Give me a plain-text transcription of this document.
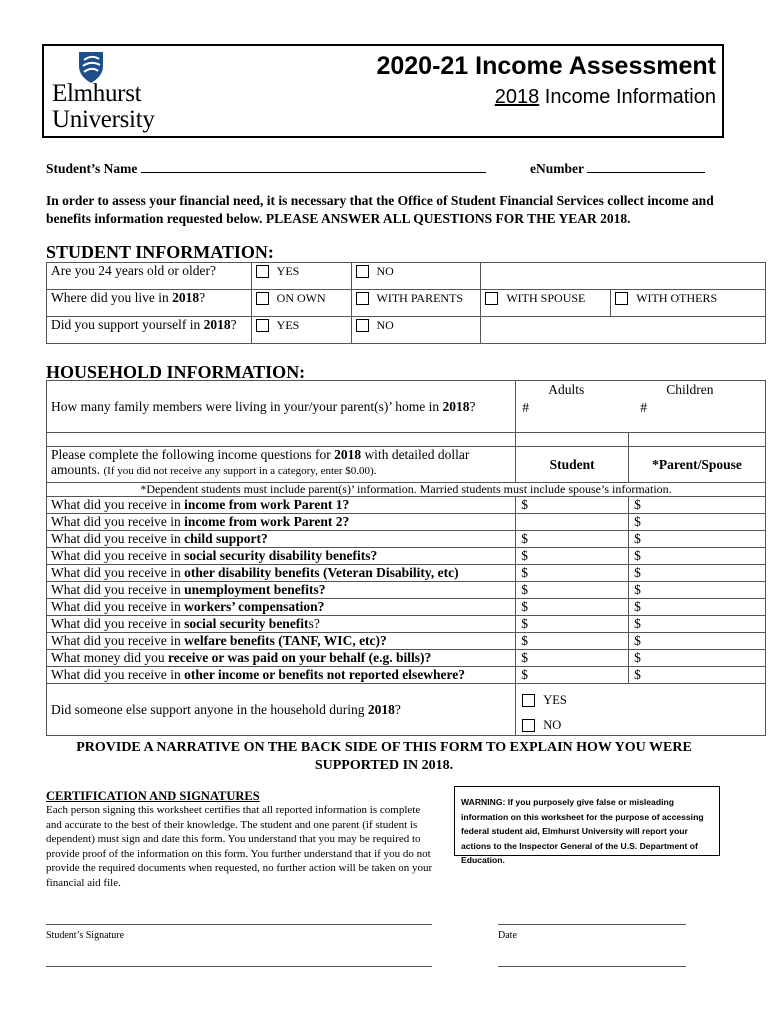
Elmhurst
University
2020-21 Income Assessment
2018 Income Information
Student’s Name	eNumber
In order to assess your financial need, it is necessary that the Office of Student Financial Services collect income and benefits information requested below. PLEASE ANSWER ALL QUESTIONS FOR THE YEAR 2018.
STUDENT INFORMATION:
Are you 24 years old or older?	YES	NO		
Where did you live in 2018?	ON OWN	WITH PARENTS	WITH SPOUSE	WITH OTHERS
Did you support yourself in 2018?	YES	NO		
HOUSEHOLD INFORMATION:
How many family members were living in your/your parent(s)’ home in 2018?	Adults Children
# #	

Please complete the following income questions for 2018 with detailed dollar amounts. (If you did not receive any support in a category, enter $0.00).	Student	*Parent/Spouse
*Dependent students must include parent(s)’ information. Married students must include spouse’s information.		
What did you receive in income from work Parent 1?	$	$
What did you receive in income from work Parent 2?		$
What did you receive in child support?	$	$
What did you receive in social security disability benefits?	$	$
What did you receive in other disability benefits (Veteran Disability, etc)	$	$
What did you receive in unemployment benefits?	$	$
What did you receive in workers’ compensation?	$	$
What did you receive in social security benefits?	$	$
What did you receive in welfare benefits (TANF, WIC, etc)?	$	$
What money did you receive or was paid on your behalf (e.g. bills)?	$	$
What did you receive in other income or benefits not reported elsewhere?	$	$
Did someone else support anyone in the household during 2018?	YES
NO	
PROVIDE A NARRATIVE ON THE BACK SIDE OF THIS FORM TO EXPLAIN HOW YOU WERE SUPPORTED IN 2018.
CERTIFICATION AND SIGNATURES
Each person signing this worksheet certifies that all reported information is complete and accurate to the best of their knowledge. The student and one parent (if student is dependent) must sign and date this form. You understand that you may be required to provide proof of the information on this form. You further understand that if you do not provide the required documents when requested, no further action will be taken on your financial aid file.
WARNING: If you purposely give false or misleading information on this worksheet for the purpose of accessing federal student aid, Elmhurst University will report your actions to the Inspector General of the U.S. Department of Education.
Student’s Signature	Date
